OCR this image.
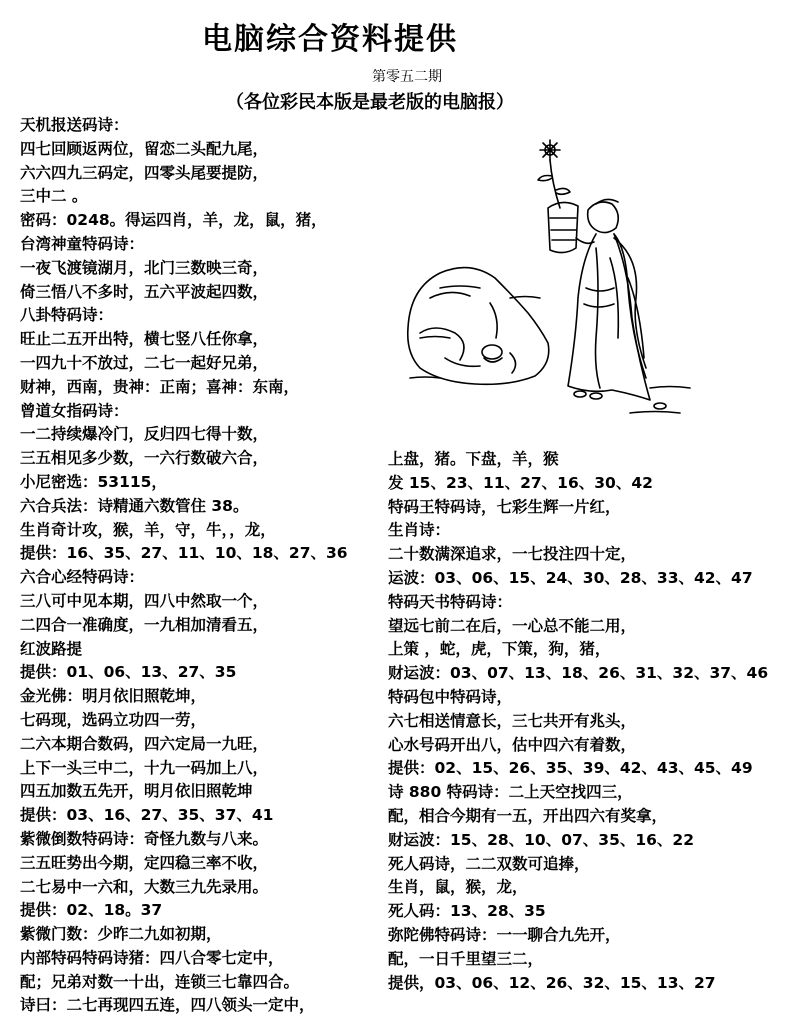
电脑综合资料提供
第零五二期
（各位彩民本版是最老版的电脑报）
天机报送码诗：
四七回顾返两位，留恋二头配九尾，
六六四九三码定，四零头尾要提防，
三中二 。
密码：0248。得运四肖，羊，龙，鼠，猪，
台湾神童特码诗：
一夜飞渡镜湖月，北门三数映三奇，
倚三悟八不多时，五六平波起四数，
八卦特码诗：
旺止二五开出特，横七竖八任你拿，
一四九十不放过，二七一起好兄弟，
财神，西南，贵神：正南；喜神：东南，
曾道女指码诗：
一二持续爆冷门，反归四七得十数，
三五相见多少数，一六行数破六合，
小尼密选：53115，
六合兵法：诗精通六数管住 38。
生肖奇计攻，猴，羊，守，牛，，龙，
提供：16、35、27、11、10、18、27、36
六合心经特码诗：
三八可中见本期，四八中然取一个，
二四合一准确度，一九相加清看五，
红波路提
提供：01、06、13、27、35
金光佛：明月依旧照乾坤，
七码现，选码立功四一劳，
二六本期合数码，四六定局一九旺，
上下一头三中二，十九一码加上八，
四五加数五先开，明月依旧照乾坤
提供：03、16、27、35、37、41
紫微倒数特码诗：奇怪九数与八来。
三五旺势出今期，定四稳三率不收，
二七易中一六和，大数三九先录用。
提供：02、18。37
紫微门数：少昨二九如初期，
内部特码特码诗猪：四八合零七定中，
配；兄弟对数一十出，连锁三七靠四合。
诗曰：二七再现四五连，四八领头一定中，
上盘，猪。下盘，羊，猴
发 15、23、11、27、16、30、42
特码王特码诗，七彩生辉一片红，
生肖诗：
二十数满深追求，一七投注四十定，
运波：03、06、15、24、30、28、33、42、47
特码天书特码诗：
望远七前二在后，一心总不能二用，
上策 ，蛇，虎，下策，狗，猪，
财运波：03、07、13、18、26、31、32、37、46
特码包中特码诗，
六七相送情意长，三七共开有兆头，
心水号码开出八，估中四六有着数，
提供：02、15、26、35、39、42、43、45、49
诗 880 特码诗：二上天空找四三，
配，相合今期有一五，开出四六有奖拿，
财运波：15、28、10、07、35、16、22
死人码诗，二二双数可追捧，
生肖，鼠，猴，龙，
死人码：13、28、35
弥陀佛特码诗：一一聊合九先开，
配，一日千里望三二，
提供，03、06、12、26、32、15、13、27
